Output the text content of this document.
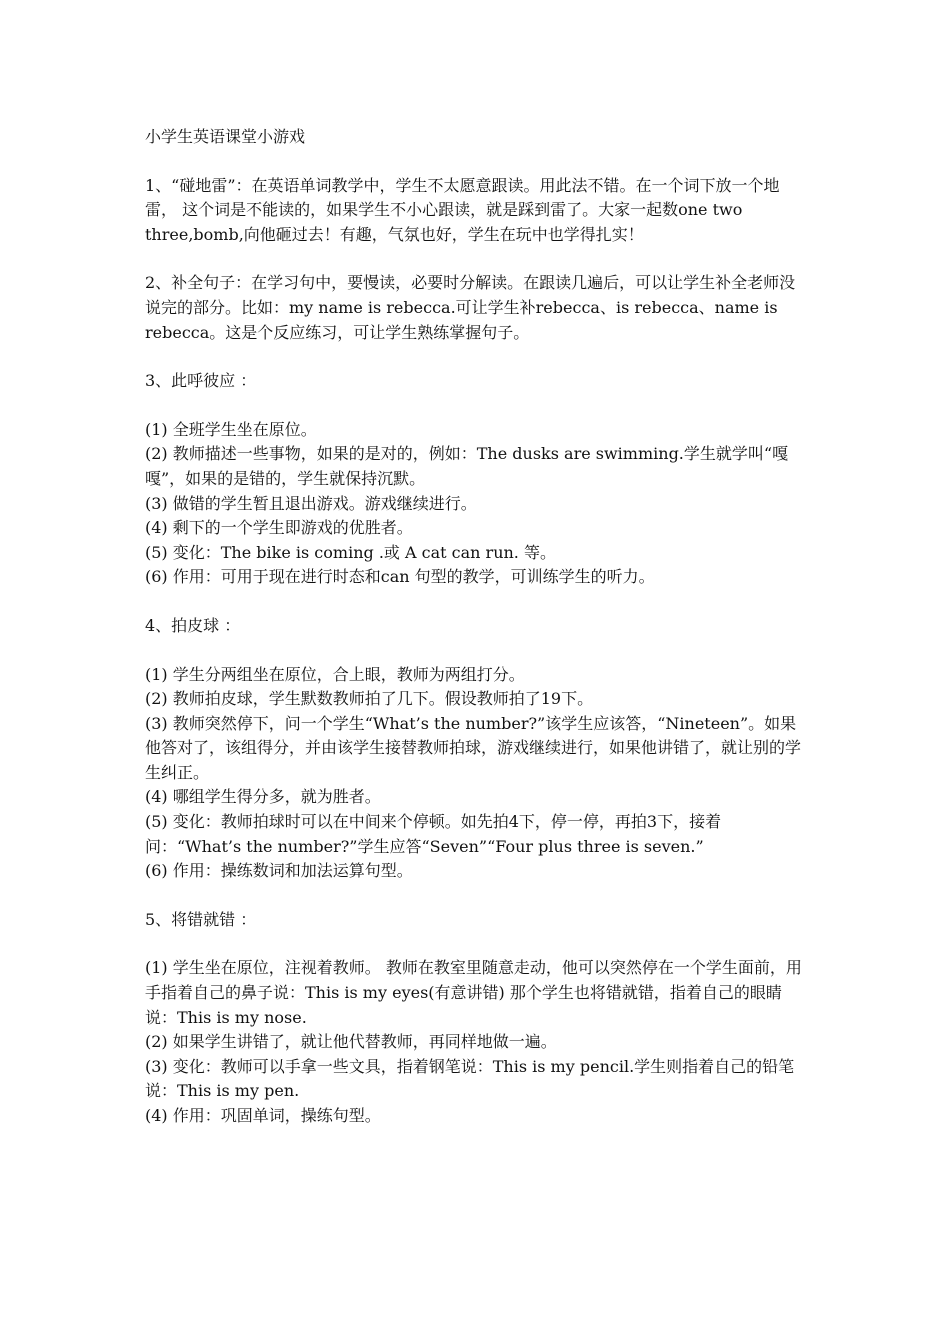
小学生英语课堂小游戏

1、“碰地雷”：在英语单词教学中，学生不太愿意跟读。用此法不错。在一个词下放一个地雷， 这个词是不能读的，如果学生不小心跟读，就是踩到雷了。大家一起数one two three,bomb,向他砸过去！有趣，气氛也好，学生在玩中也学得扎实！

2、补全句子：在学习句中，要慢读，必要时分解读。在跟读几遍后，可以让学生补全老师没说完的部分。比如：my name is rebecca.可让学生补rebecca、is rebecca、name is rebecca。这是个反应练习，可让学生熟练掌握句子。

3、此呼彼应 ：
(1) 全班学生坐在原位。
(2) 教师描述一些事物，如果的是对的，例如：The dusks are swimming.学生就学叫“嘎嘎”，如果的是错的，学生就保持沉默。
(3) 做错的学生暂且退出游戏。游戏继续进行。
(4) 剩下的一个学生即游戏的优胜者。
(5) 变化：The bike is coming .或 A cat can run. 等。
(6) 作用：可用于现在进行时态和can 句型的教学，可训练学生的听力。
4、拍皮球 ：
(1) 学生分两组坐在原位，合上眼，教师为两组打分。
(2) 教师拍皮球，学生默数教师拍了几下。假设教师拍了19下。
(3) 教师突然停下，问一个学生“What’s the number?”该学生应该答，“Nineteen”。如果他答对了，该组得分，并由该学生接替教师拍球，游戏继续进行，如果他讲错了，就让别的学生纠正。
(4) 哪组学生得分多，就为胜者。
(5) 变化：教师拍球时可以在中间来个停顿。如先拍4下，停一停，再拍3下，接着问：“What’s the number?”学生应答“Seven”“Four plus three is seven.”
(6) 作用：操练数词和加法运算句型。
5、将错就错 ：
(1) 学生坐在原位，注视着教师。 教师在教室里随意走动，他可以突然停在一个学生面前，用手指着自己的鼻子说：This is my eyes(有意讲错) 那个学生也将错就错，指着自己的眼睛说：This is my nose.
(2) 如果学生讲错了，就让他代替教师，再同样地做一遍。
(3) 变化：教师可以手拿一些文具，指着钢笔说：This is my pencil.学生则指着自己的铅笔说：This is my pen.
(4) 作用：巩固单词，操练句型。
